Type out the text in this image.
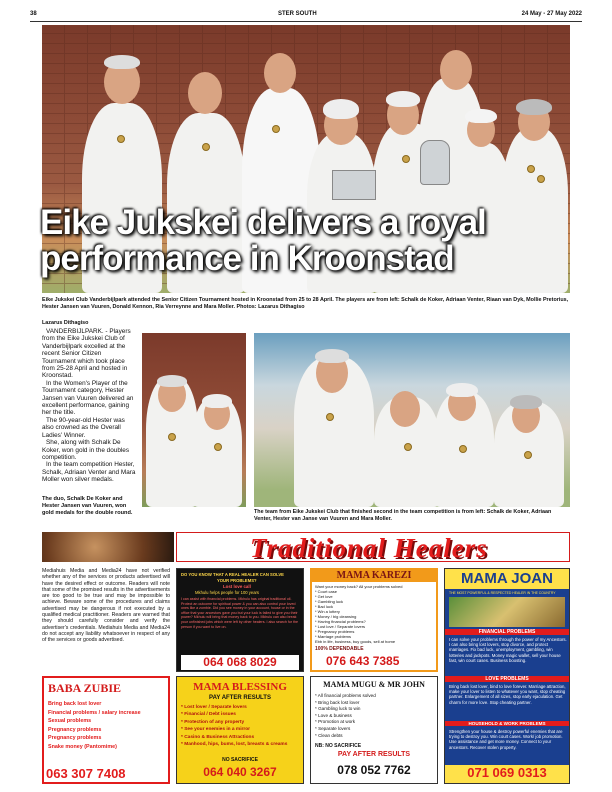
38	STER SOUTH	24 May - 27 May 2022
Eike Jukskei delivers a royal performance in Kroonstad
Eike Jukskei Club Vanderbijlpark attended the Senior Citizen Tournament hosted in Kroonstad from 25 to 28 April. The players are from left: Schalk de Koker, Adriaan Venter, Riaan van Dyk, Mollie Pretorius, Hester Jansen van Vuuren, Donald Kennon, Ria Verreynne and Mara Moller. Photos: Lazarus Dithagiso
Lazarus Dithagiso

VANDERBIJLPARK. - Players from the Eike Jukskei Club of Vanderbijlpark excelled at the recent Senior Citizen Tournament which took place from 25-28 April and hosted in Kroonstad.

In the Women's Player of the Tournament category, Hester Jansen van Vuuren delivered an excellent performance, gaining her the title.

The 90-year-old Hester was also crowned as the Overall Ladies' Winner.

She, along with Schalk De Koker, won gold in the doubles competition.

In the team competition Hester, Schalk, Adriaan Venter and Mara Moller won silver medals.

The duo, Schalk De Koker and Hester Jansen van Vuuren, won gold medals for the double round.	The team from Eike Jukskei Club that finished second in the team competition is from left: Schalk de Koker, Adriaan Venter, Hester van Janse van Vuuren and Mara Moller.
Traditional Healers
Mediahuis Media and Media24 have not verified whether any of the services or products advertised will have the desired effect or outcome. Readers will note that some of the promised results in the advertisements are too good to be true and may be impossible to achieve. Beware some of the procedures and claims advertised may be dangerous if not executed by a qualified medical practitioner. Readers are warned that they should carefully consider and verify the advertiser's credentials. Mediahuis Media and Media24 do not accept any liability whatsoever in respect of any of the services or goods advertised.
DO YOU KNOW THAT A REAL HEALER CAN SOLVE
YOUR PROBLEMS?
Lost love call
Mkhulu helps people for 100 years
I can assist with financial problems. Mkhulu has original traditional oil. Protect an outcome for spiritual power & you can also control your loved ones like a zombie. Did you see money in your account, house or in the office that your ancestors gave you but your luck is failed to give you their power? Mkhulu will bring that money back to you. Mkhulu can also break your unfinished jobs which were left by other healers. I also search for the person if you want to live on.
064 068 8029
MAMA KAREZI
Want your money back? All your problems solved
* Court case
* Get love
* Gambling luck
* Bad luck
* Win a lottery
* Money / big cleansing
* Having financial problems?
* Lost love / Separate lovers
* Pregnancy problems
* Marriage problems
Ebb in life, business, buy goods, sell at home
100% DEPENDABLE
076 643 7385
MAMA JOAN
THE MOST POWERFUL & RESPECTED HEALER IN THE COUNTRY
FINANCIAL PROBLEMS
I can solve your problems through the power of my Ancestors. I can also bring lost lovers, stop divorce, and protect marriages. Fix bad luck, unemployment, gambling, win lotteries and jackpots. Money magic wallet, sell your house fast, win court cases. Business boosting.
LOVE PROBLEMS
Bring back lost lover, bind to love forever. Marriage attraction, make your lover to listen to whatever you want, stop cheating partner. Enlargement of all sizes, stop early ejaculation. Get charm for more love. Stop cheating partner.
HOUSEHOLD & WORK PROBLEMS
Strengthen your house & destroy powerful enemies that are trying to destroy you. Win court cases. Work/ job promotion. Use assistance and get more money. Connect to your ancestors. Recover stolen property.
071 069 0313
BABA ZUBIE
Bring back lost lover
Financial problems / salary increase
Sexual problems
Pregnancy problems
Pregnancy problems
Snake money (Pantomime)
063 307 7408
MAMA BLESSING
PAY AFTER RESULTS
* Lost lover / Separate lovers
* Financial / Debt issues
* Protection of any property
* See your enemies in a mirror
* Casino & Business Attractions
* Manhood, hips, bums, lost, breasts & creams
NO SACRIFICE
064 040 3267
MAMA MUGU & MR JOHN
* All financial problems solved
* Bring back lost lover
* Gambling luck to win
* Love & business
* Promotion at work
* Separate lovers
* Clean debts
NB: NO SACRIFICE
PAY AFTER RESULTS
078 052 7762
